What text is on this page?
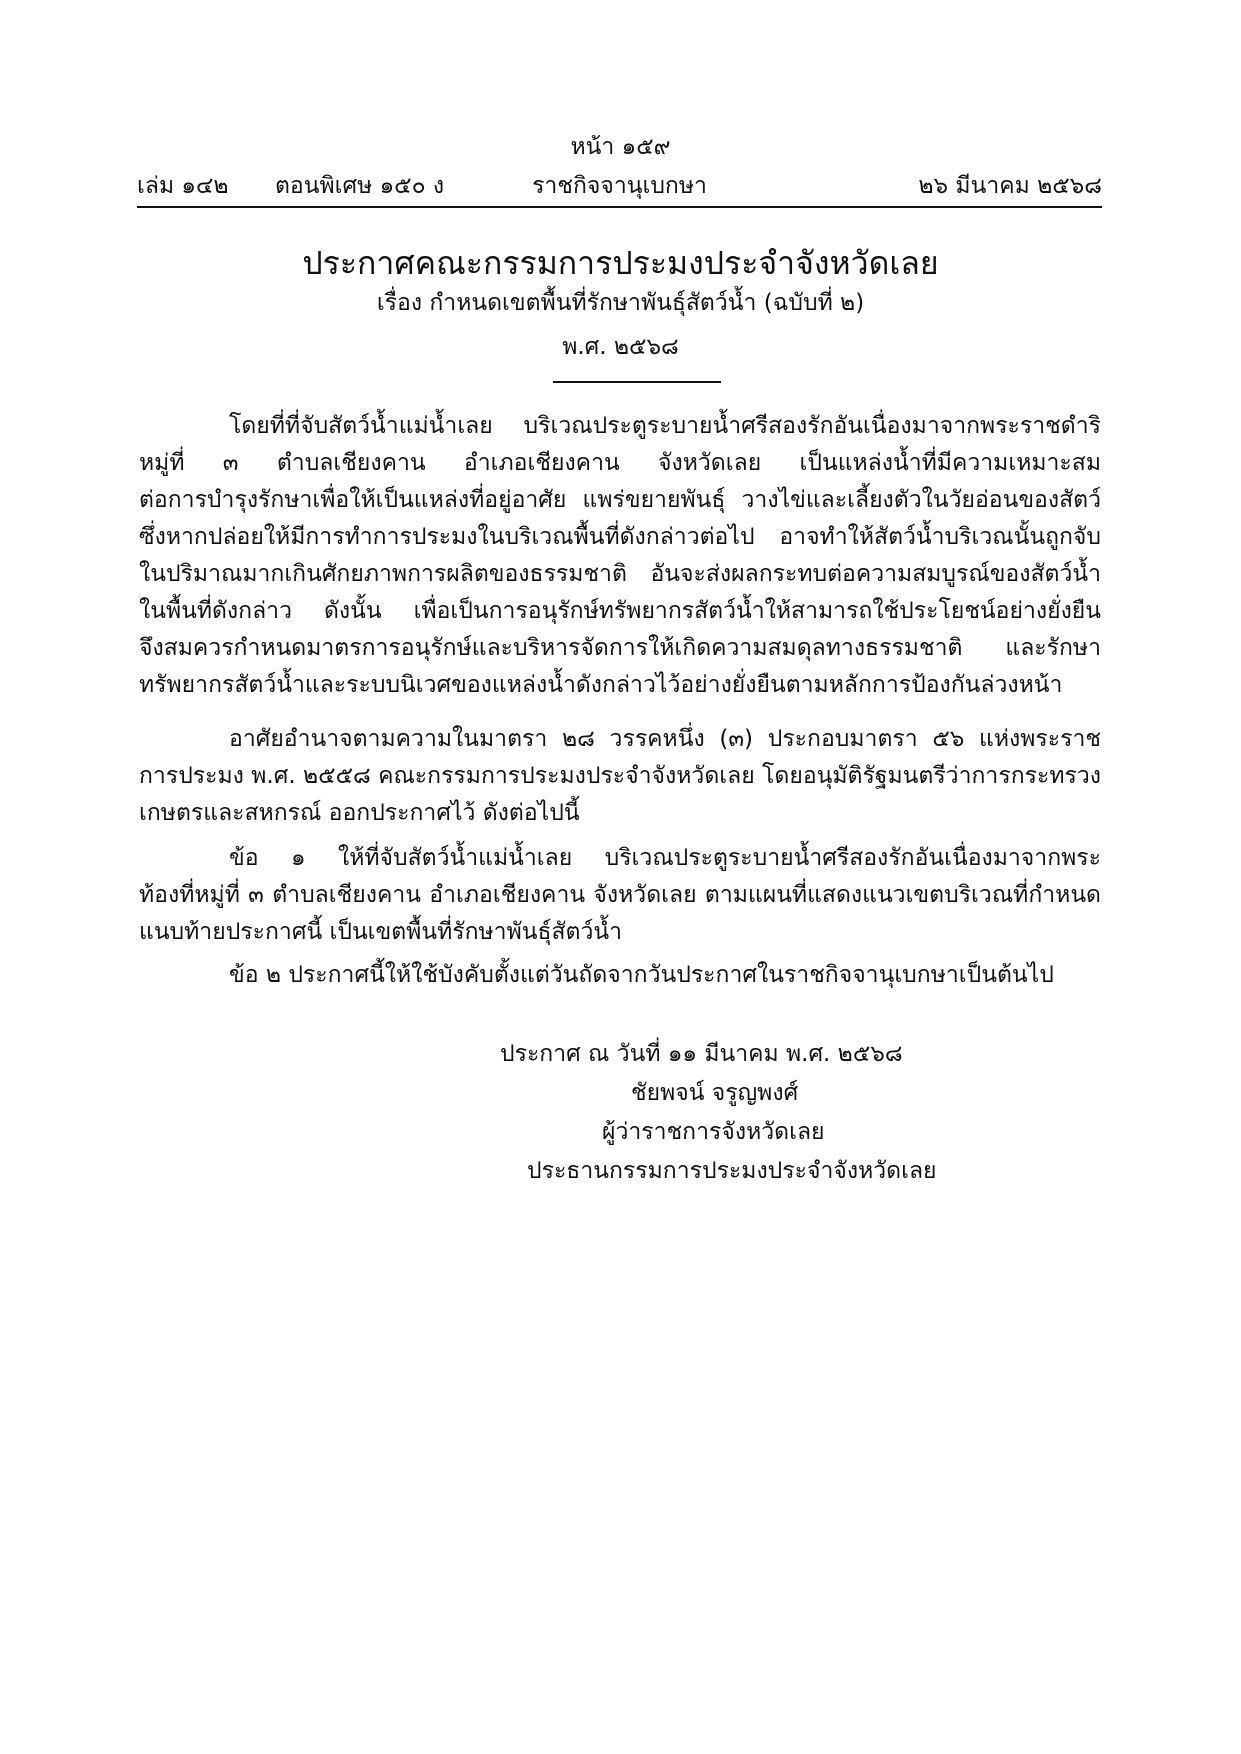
หน้า ๑๕๙
เล่ม ๑๔๒ ตอนพิเศษ ๑๕๐ ง	ราชกิจจานุเบกษา	๒๖ มีนาคม ๒๕๖๘
ประกาศคณะกรรมการประมงประจำจังหวัดเลย
เรื่อง กำหนดเขตพื้นที่รักษาพันธุ์สัตว์น้ำ (ฉบับที่ ๒)
พ.ศ. ๒๕๖๘
โดยที่ที่จับสัตว์น้ำแม่น้ำเลย บริเวณประตูระบายน้ำศรีสองรักอันเนื่องมาจากพระราชดำริ
หมู่ที่ ๓ ตำบลเชียงคาน อำเภอเชียงคาน จังหวัดเลย เป็นแหล่งน้ำที่มีความเหมาะสม
ต่อการบำรุงรักษาเพื่อให้เป็นแหล่งที่อยู่อาศัย แพร่ขยายพันธุ์ วางไข่และเลี้ยงตัวในวัยอ่อนของสัตว์
ซึ่งหากปล่อยให้มีการทำการประมงในบริเวณพื้นที่ดังกล่าวต่อไป อาจทำให้สัตว์น้ำบริเวณนั้นถูกจับ
ในปริมาณมากเกินศักยภาพการผลิตของธรรมชาติ อันจะส่งผลกระทบต่อความสมบูรณ์ของสัตว์น้ำ
ในพื้นที่ดังกล่าว ดังนั้น เพื่อเป็นการอนุรักษ์ทรัพยากรสัตว์น้ำให้สามารถใช้ประโยชน์อย่างยั่งยืน
จึงสมควรกำหนดมาตรการอนุรักษ์และบริหารจัดการให้เกิดความสมดุลทางธรรมชาติ และรักษา
ทรัพยากรสัตว์น้ำและระบบนิเวศของแหล่งน้ำดังกล่าวไว้อย่างยั่งยืนตามหลักการป้องกันล่วงหน้า
อาศัยอำนาจตามความในมาตรา ๒๘ วรรคหนึ่ง (๓) ประกอบมาตรา ๕๖ แห่งพระราช
การประมง พ.ศ. ๒๕๕๘ คณะกรรมการประมงประจำจังหวัดเลย โดยอนุมัติรัฐมนตรีว่าการกระทรวง
เกษตรและสหกรณ์ ออกประกาศไว้ ดังต่อไปนี้
ข้อ ๑ ให้ที่จับสัตว์น้ำแม่น้ำเลย บริเวณประตูระบายน้ำศรีสองรักอันเนื่องมาจากพระ
ท้องที่หมู่ที่ ๓ ตำบลเชียงคาน อำเภอเชียงคาน จังหวัดเลย ตามแผนที่แสดงแนวเขตบริเวณที่กำหนด
แนบท้ายประกาศนี้ เป็นเขตพื้นที่รักษาพันธุ์สัตว์น้ำ
ข้อ ๒ ประกาศนี้ให้ใช้บังคับตั้งแต่วันถัดจากวันประกาศในราชกิจจานุเบกษาเป็นต้นไป
ประกาศ ณ วันที่ ๑๑ มีนาคม พ.ศ. ๒๕๖๘
ชัยพจน์ จรูญพงศ์
ผู้ว่าราชการจังหวัดเลย
ประธานกรรมการประมงประจำจังหวัดเลย
